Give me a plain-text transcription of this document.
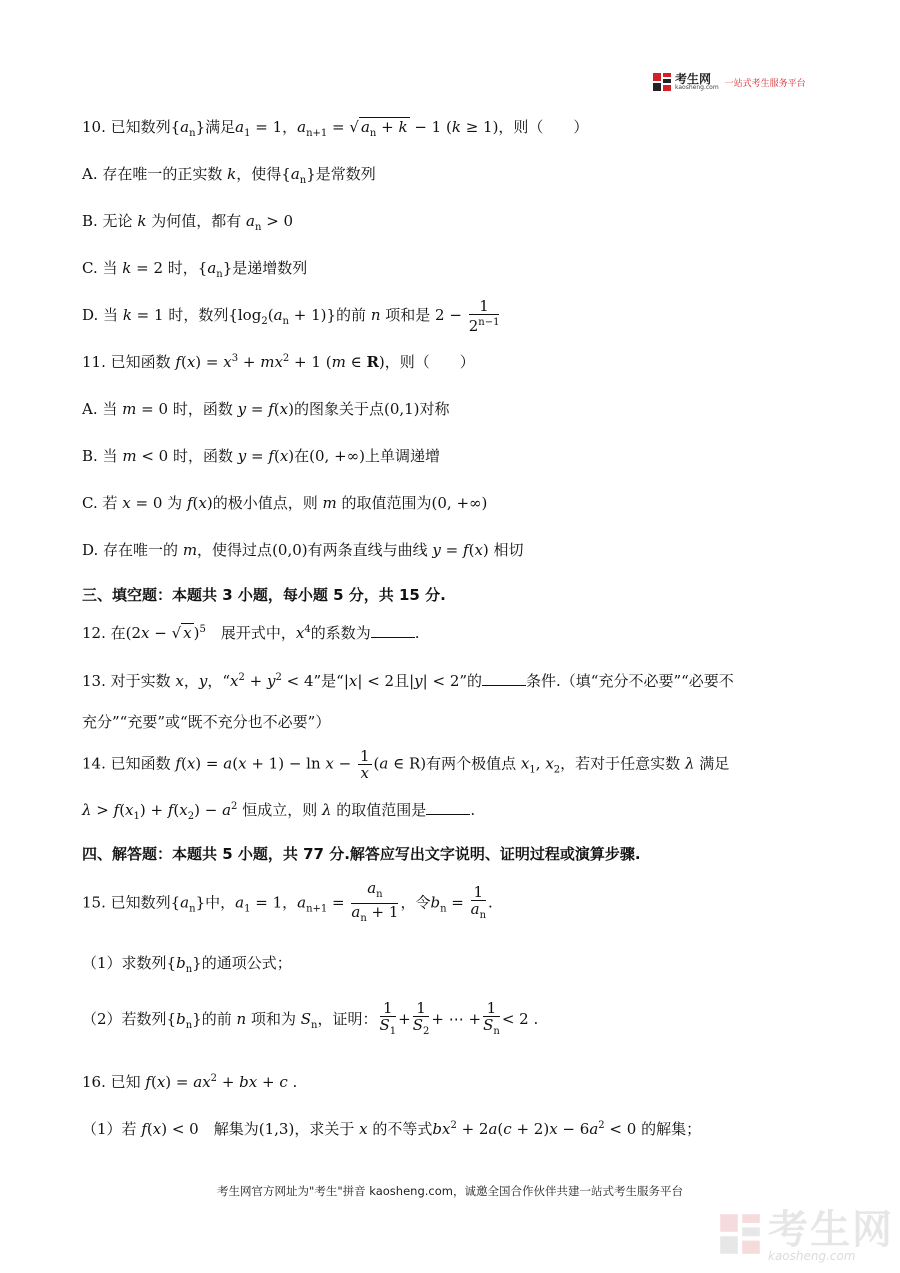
考生网
kaosheng.com 一站式考生服务平台
10. 已知数列$\{a_n\}$满足$a_1 = 1$，$a_{n+1}$ = √ $a_n + k - 1$ (k ≥ 1)，则（　　）
A. 存在唯一的正实数 k，使得$\{a_n\}$是常数列
B. 无论 k 为何值，都有 $a_n > 0$
C. 当 k = 2 时，$\{a_n\}$是递增数列
D. 当 k = 1 时，数列$\{\log_2(a_n + 1)\}$的前 n 项和是 $2 - \frac{1}{2^{n-1}}$
11. 已知函数 $f(x) = x^3 + mx^2 + 1$ (m ∈ R)，则（　　）
A. 当 m = 0 时，函数 y = f(x)的图象关于点(0,1)对称
B. 当 m < 0 时，函数 y = f(x)在(0, +∞)上单调递增
C. 若 x = 0 为 f(x)的极小值点，则 m 的取值范围为(0, +∞)
D. 存在唯一的 m，使得过点(0,0)有两条直线与曲线 y = f(x) 相切
三、填空题：本题共 3 小题，每小题 5 分，共 15 分.
12. 在(2x − √ x )$^5$　 展开式中，$x^4$的系数为	.
13. 对于实数 x，y，“$x^2 + y^2 < 4$”是“|x| < 2且|y| < 2”的	条件.（填“充分不必要”“必要不
充分”“充要”或“既不充分也不必要”）
14. 已知函数 $f(x) = a(x + 1) - \ln x - \frac{1}{x} (a$ ∈ R)有两个极值点 $x_1$, $x_2$，若对于任意实数 λ 满足
$\lambda > f(x_1) + f(x_2) - a^2$ 恒成立，则 λ 的取值范围是	.
四、解答题：本题共 5 小题，共 77 分.解答应写出文字说明、证明过程或演算步骤.
15. 已知数列$\{a_n\}$中，$a_1 = 1$，$a_{n+1} = \frac{a_n}{a_n + 1}$ ，令$b_n = \frac{1}{a_n}$ .
（1）求数列$\{b_n\}$的通项公式；
（2）若数列$\{b_n\}$的前 n 项和为 $S_n$，证明： $\frac{1}{S_1} + \frac{1}{S_2}$ + ⋯ + $\frac{1}{S_n} < 2$ .
16. 已知 $f(x) = ax^2$ + bx + c .
（1）若 f(x) < 0　解集为(1,3)，求关于 x 的不等式$bx^2 + 2a(c + 2)x - 6a^2 < 0$ 的解集；
考生网官方网址为"考生"拼音 kaosheng.com，诚邀全国合作伙伴共建一站式考生服务平台
考生网
kaosheng.com
